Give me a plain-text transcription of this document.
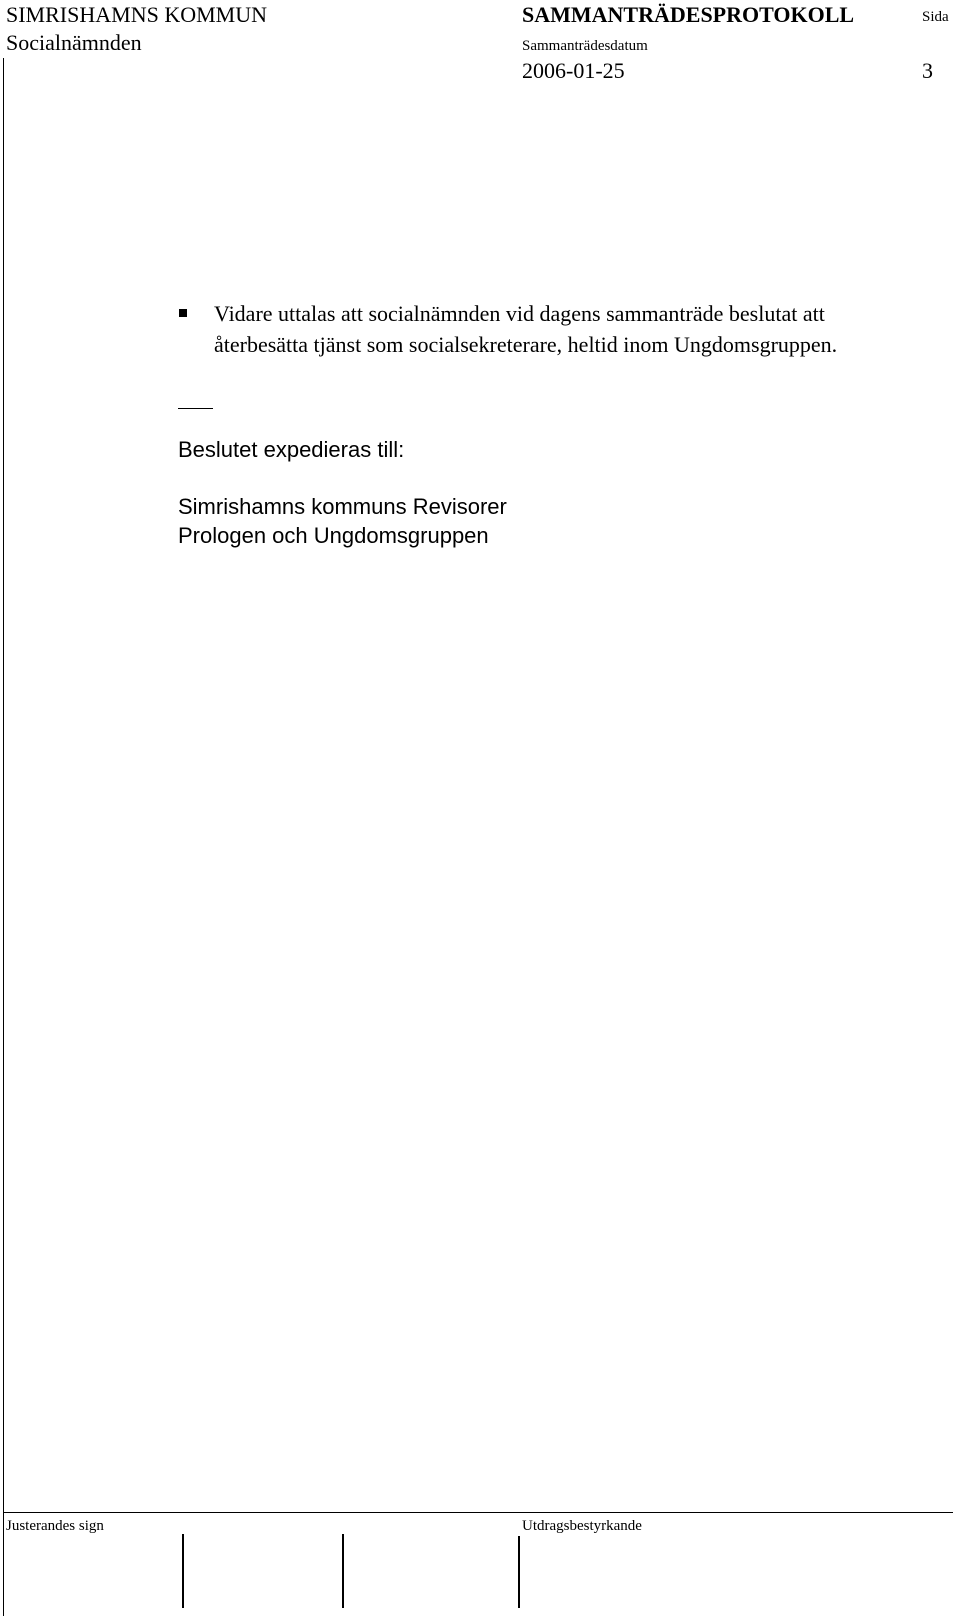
SIMRISHAMNS KOMMUN
Socialnämnden
SAMMANTRÄDESPROTOKOLL	Sida
Sammanträdesdatum
2006-01-25	3
Vidare uttalas att socialnämnden vid dagens sammanträde beslutat att
återbesätta tjänst som socialsekreterare, heltid inom Ungdomsgruppen.
Beslutet expedieras till:
Simrishamns kommuns Revisorer
Prologen och Ungdomsgruppen
Justerandes sign	Utdragsbestyrkande
